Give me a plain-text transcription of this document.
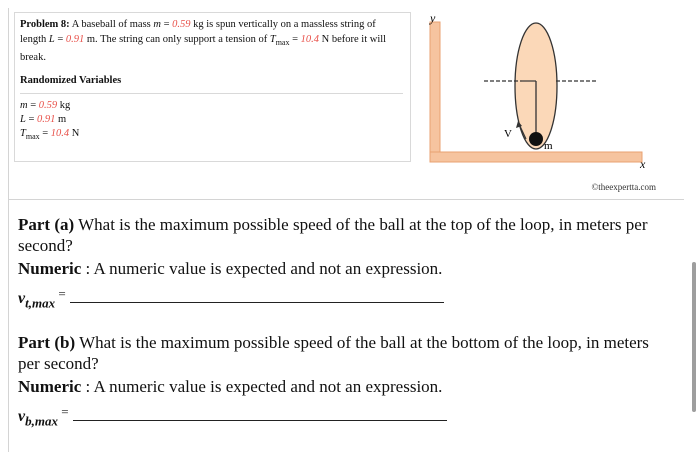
Problem 8: A baseball of mass m = 0.59 kg is spun vertically on a massless string of length L = 0.91 m. The string can only support a tension of $T_{max} = 10.4$ N before it will break.
Randomized Variables
m = 0.59 kg
L = 0.91 m
$T_{max} = 10.4$ N
y
x
V
m
©theexpertta.com
Part (a) What is the maximum possible speed of the ball at the top of the loop, in meters per second?
Numeric : A numeric value is expected and not an expression.
$v_{t,max}$ =
Part (b) What is the maximum possible speed of the ball at the bottom of the loop, in meters per second?
Numeric : A numeric value is expected and not an expression.
$v_{b,max}$ =
